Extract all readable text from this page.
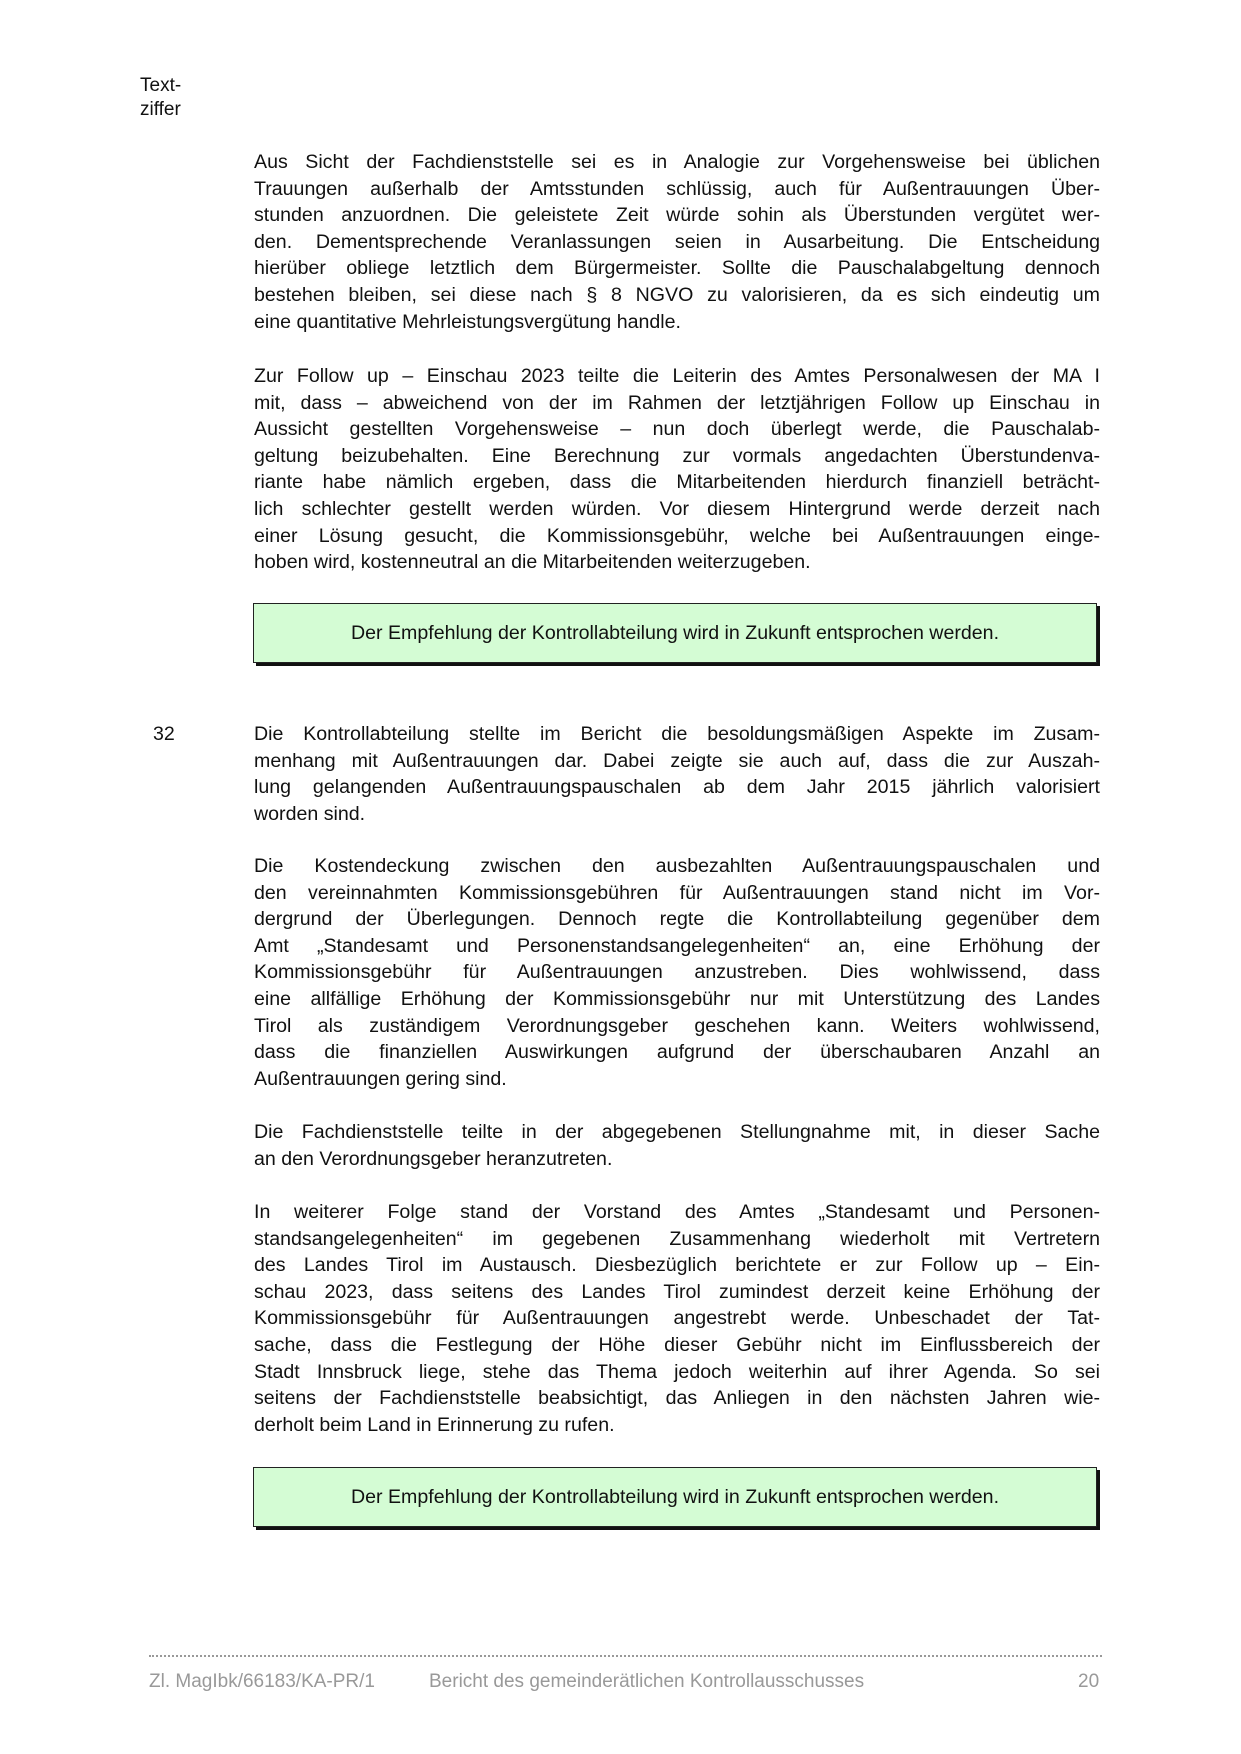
Text-
ziffer
Aus Sicht der Fachdienststelle sei es in Analogie zur Vorgehensweise bei üblichen
Trauungen außerhalb der Amtsstunden schlüssig, auch für Außentrauungen Über-
stunden anzuordnen. Die geleistete Zeit würde sohin als Überstunden vergütet wer-
den. Dementsprechende Veranlassungen seien in Ausarbeitung. Die Entscheidung
hierüber obliege letztlich dem Bürgermeister. Sollte die Pauschalabgeltung dennoch
bestehen bleiben, sei diese nach § 8 NGVO zu valorisieren, da es sich eindeutig um
eine quantitative Mehrleistungsvergütung handle.
Zur Follow up – Einschau 2023 teilte die Leiterin des Amtes Personalwesen der MA I
mit, dass – abweichend von der im Rahmen der letztjährigen Follow up Einschau in
Aussicht gestellten Vorgehensweise – nun doch überlegt werde, die Pauschalab-
geltung beizubehalten. Eine Berechnung zur vormals angedachten Überstundenva-
riante habe nämlich ergeben, dass die Mitarbeitenden hierdurch finanziell beträcht-
lich schlechter gestellt werden würden. Vor diesem Hintergrund werde derzeit nach
einer Lösung gesucht, die Kommissionsgebühr, welche bei Außentrauungen einge-
hoben wird, kostenneutral an die Mitarbeitenden weiterzugeben.
Der Empfehlung der Kontrollabteilung wird in Zukunft entsprochen werden.
32	Die Kontrollabteilung stellte im Bericht die besoldungsmäßigen Aspekte im Zusam-
menhang mit Außentrauungen dar. Dabei zeigte sie auch auf, dass die zur Auszah-
lung gelangenden Außentrauungspauschalen ab dem Jahr 2015 jährlich valorisiert
worden sind.
Die Kostendeckung zwischen den ausbezahlten Außentrauungspauschalen und
den vereinnahmten Kommissionsgebühren für Außentrauungen stand nicht im Vor-
dergrund der Überlegungen. Dennoch regte die Kontrollabteilung gegenüber dem
Amt „Standesamt und Personenstandsangelegenheiten“ an, eine Erhöhung der
Kommissionsgebühr für Außentrauungen anzustreben. Dies wohlwissend, dass
eine allfällige Erhöhung der Kommissionsgebühr nur mit Unterstützung des Landes
Tirol als zuständigem Verordnungsgeber geschehen kann. Weiters wohlwissend,
dass die finanziellen Auswirkungen aufgrund der überschaubaren Anzahl an
Außentrauungen gering sind.
Die Fachdienststelle teilte in der abgegebenen Stellungnahme mit, in dieser Sache
an den Verordnungsgeber heranzutreten.
In weiterer Folge stand der Vorstand des Amtes „Standesamt und Personen-
standsangelegenheiten“ im gegebenen Zusammenhang wiederholt mit Vertretern
des Landes Tirol im Austausch. Diesbezüglich berichtete er zur Follow up – Ein-
schau 2023, dass seitens des Landes Tirol zumindest derzeit keine Erhöhung der
Kommissionsgebühr für Außentrauungen angestrebt werde. Unbeschadet der Tat-
sache, dass die Festlegung der Höhe dieser Gebühr nicht im Einflussbereich der
Stadt Innsbruck liege, stehe das Thema jedoch weiterhin auf ihrer Agenda. So sei
seitens der Fachdienststelle beabsichtigt, das Anliegen in den nächsten Jahren wie-
derholt beim Land in Erinnerung zu rufen.
Der Empfehlung der Kontrollabteilung wird in Zukunft entsprochen werden.
Zl. MagIbk/66183/KA-PR/1	Bericht des gemeinderätlichen Kontrollausschusses	20
